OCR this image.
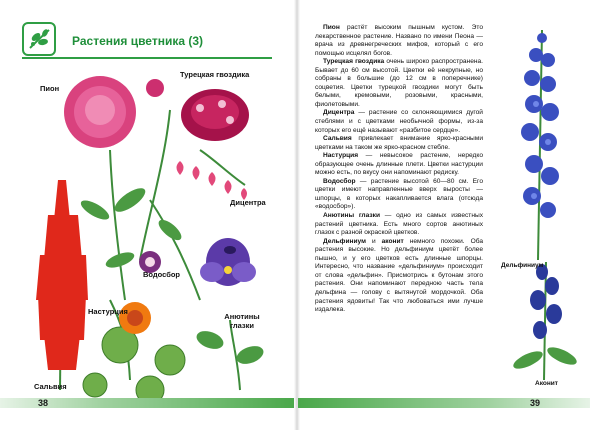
Растения цветника (3)
Пион
Турецкая гвоздика
Дицентра
Водосбор
Анютины глазки
Настурция
Сальвия
38

Пион растёт высоким пышным кустом. Это лекарственное растение. Названо по имени Пеона — врача из древнегреческих мифов, который с его помощью исцелял богов.

Турецкая гвоздика очень широко распространена. Бывает до 60 см высотой. Цветки её некрупные, но собраны в большие (до 12 см в поперечнике) соцветия. Цветки турецкой гвоздики могут быть белыми, кремовыми, розовыми, красными, фиолетовыми.

Дицентра — растение со склоняющимися дугой стеблями и с цветками необычной формы, из-за которых его ещё называют «разбитое сердце».

Сальвия привлекает внимание ярко-красными цветками на таком же ярко-красном стебле.

Настурция — невысокое растение, нередко образующее очень длинные плети. Цветки настурции можно есть, по вкусу они напоминают редиску.

Водосбор — растение высотой 60—80 см. Его цветки имеют направленные вверх выросты — шпорцы, в которых накапливается влага (отсюда «водосбор»).

Анютины глазки — одно из самых известных растений цветника. Есть много сортов анютиных глазок с разной окраской цветков.

Дельфиниум и аконит немного похожи. Оба растения высокие. Но дельфиниум цветёт более пышно, и у его цветков есть длинные шпорцы. Интересно, что название «дельфиниум» происходит от слова «дельфин». Присмотрись к бутонам этого растения. Они напоминают передною часть тела дельфина — голову с вытянутой мордочкой. Оба растения ядовиты! Так что любоваться ими лучше издалека.

Дельфиниум
Аконит
39
